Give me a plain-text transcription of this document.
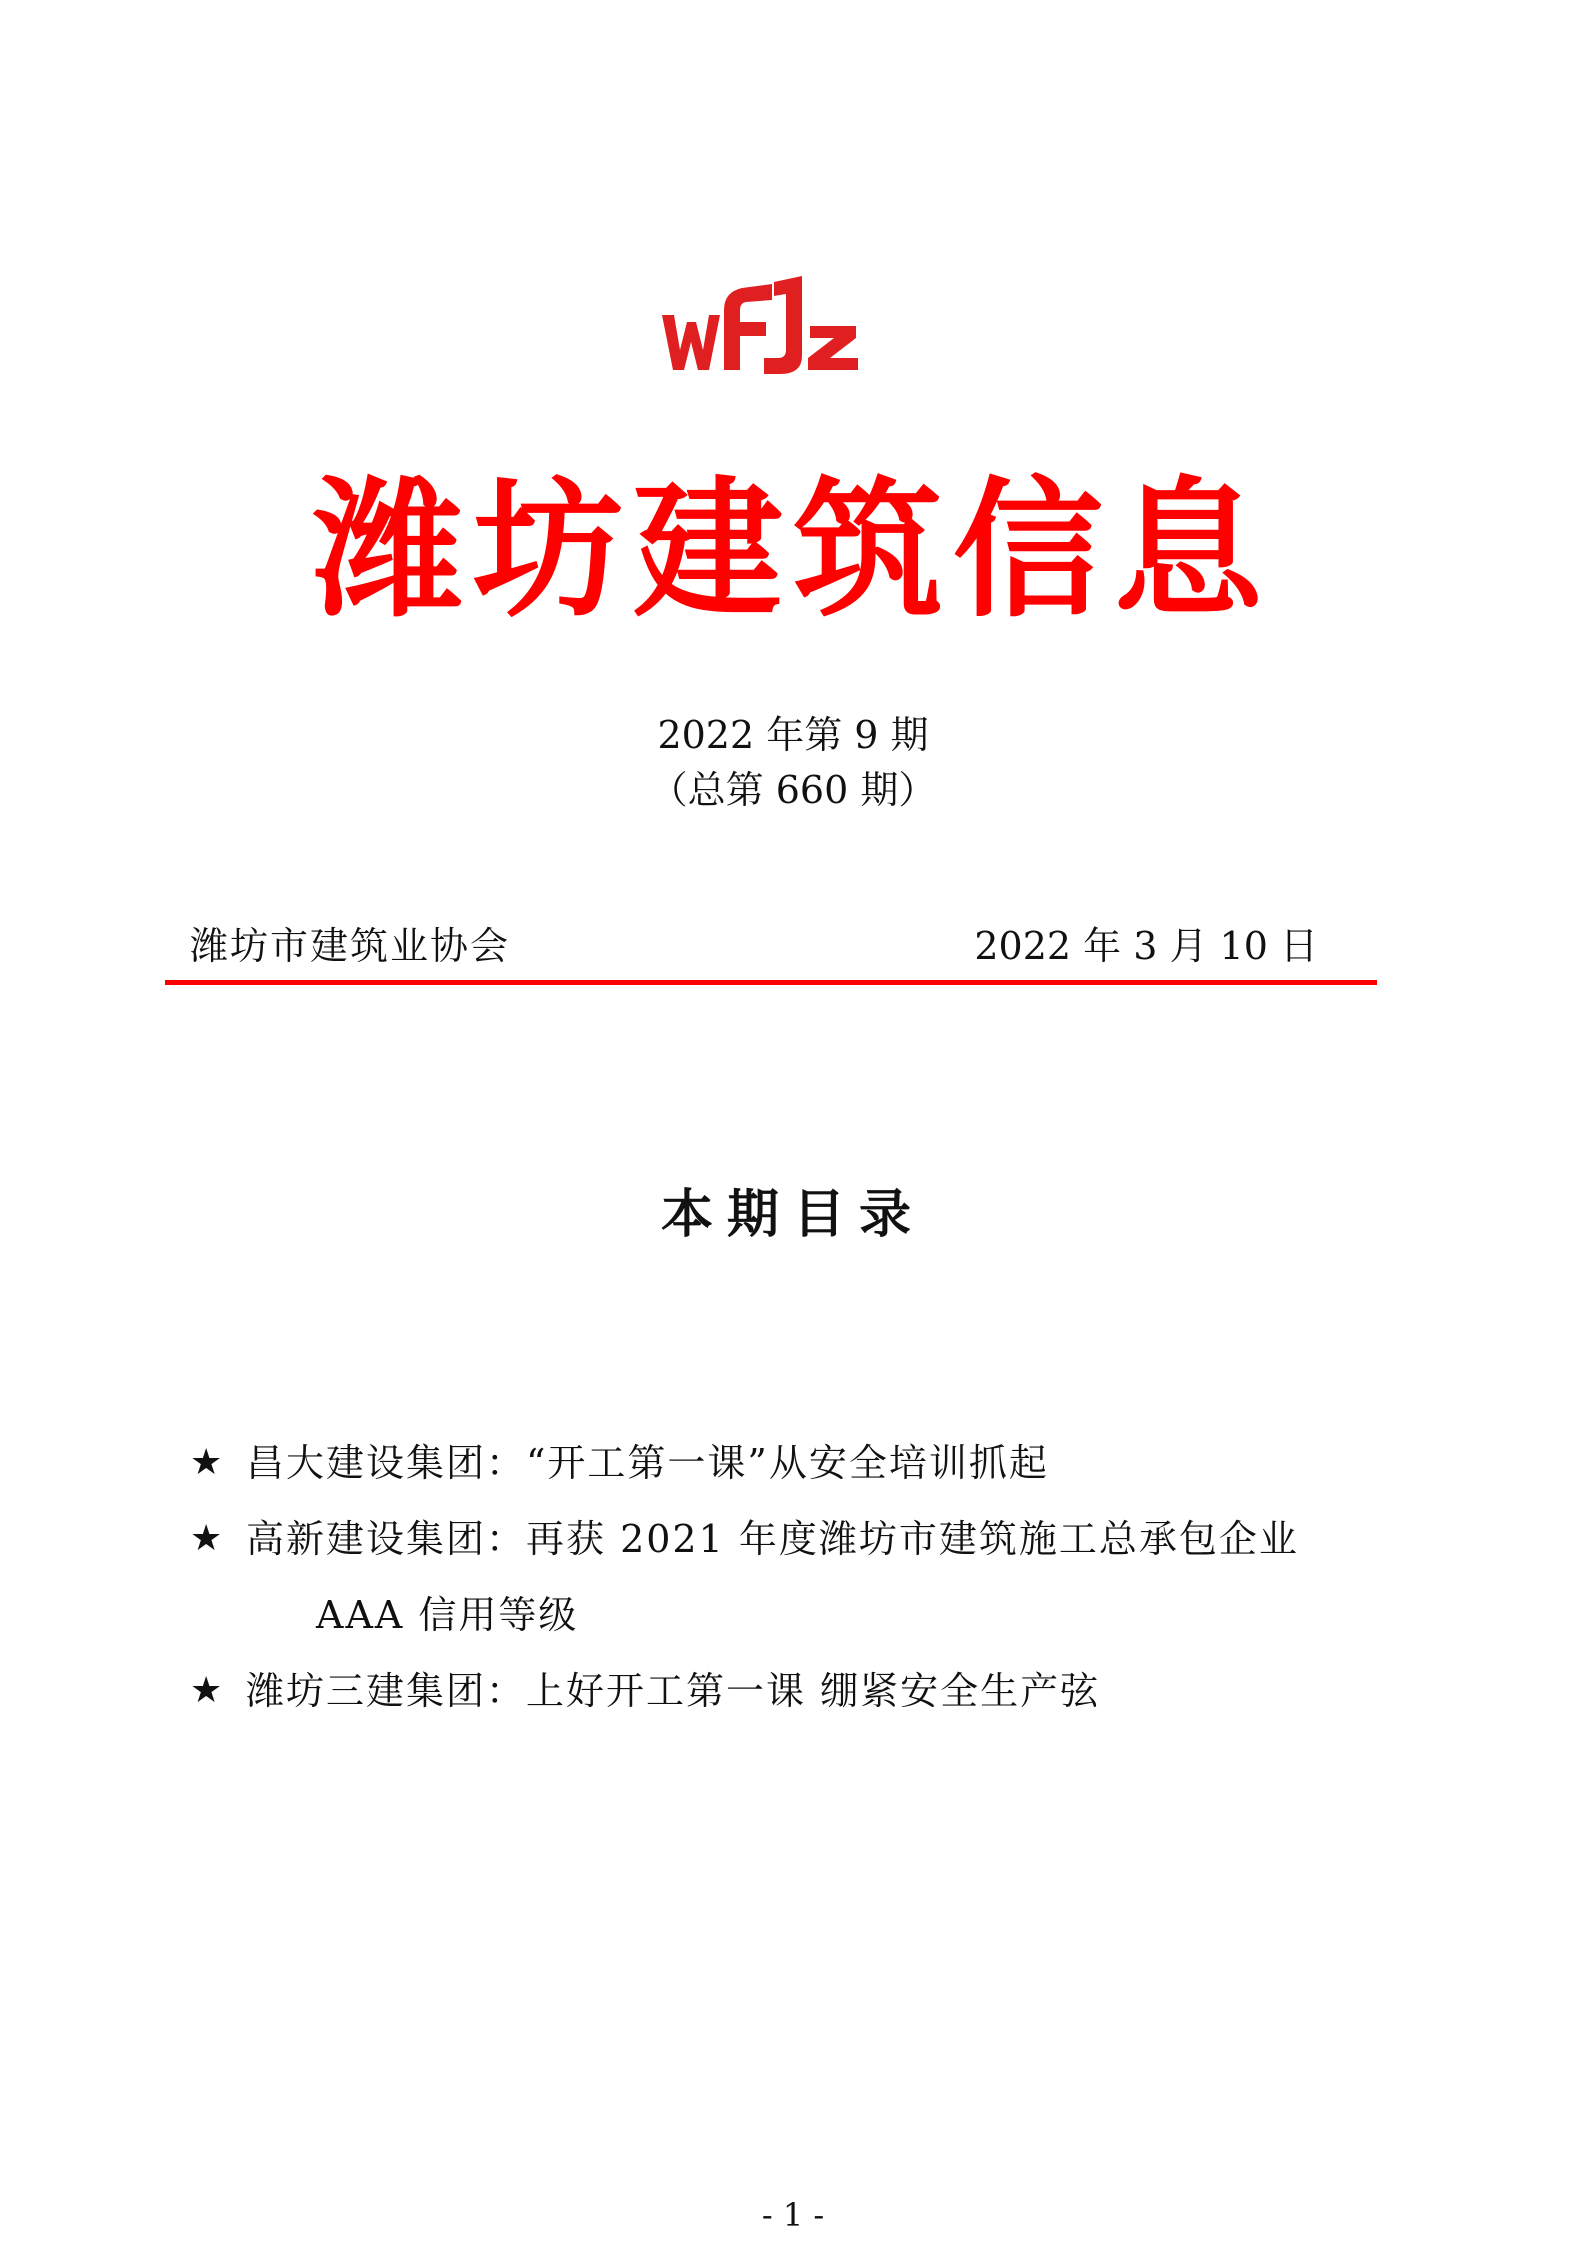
潍坊建筑信息
2022 年第 9 期
（总第 660 期）
潍坊市建筑业协会	2022 年 3 月 10 日
本期目录
★ 昌大建设集团：“开工第一课”从安全培训抓起
★ 高新建设集团：再获 2021 年度潍坊市建筑施工总承包企业
AAA 信用等级
★ 潍坊三建集团：上好开工第一课 绷紧安全生产弦
- 1 -
